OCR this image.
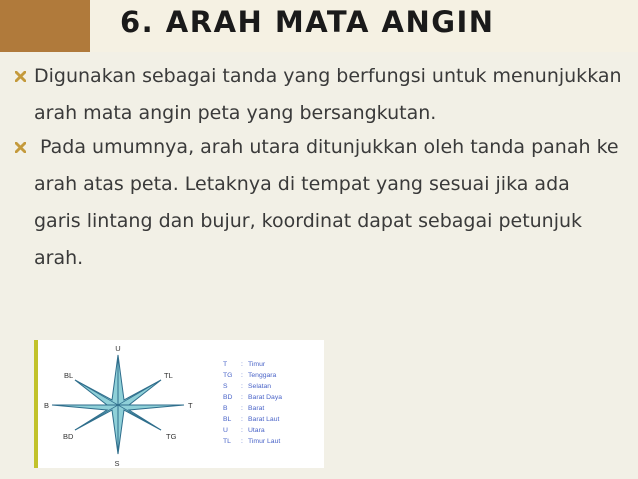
6. ARAH MATA ANGIN
Digunakan sebagai tanda yang berfungsi untuk menunjukkan arah mata angin peta yang bersangkutan.
Pada umumnya, arah utara ditunjukkan oleh tanda panah ke arah atas peta. Letaknya di tempat yang sesuai jika ada garis lintang dan bujur, koordinat dapat sebagai petunjuk arah.
U
S
T
B
TL
BL
TG
BD
T : Timur
TG : Tenggara
S : Selatan
BD : Barat Daya
B : Barat
BL : Barat Laut
U : Utara
TL : Timur Laut
